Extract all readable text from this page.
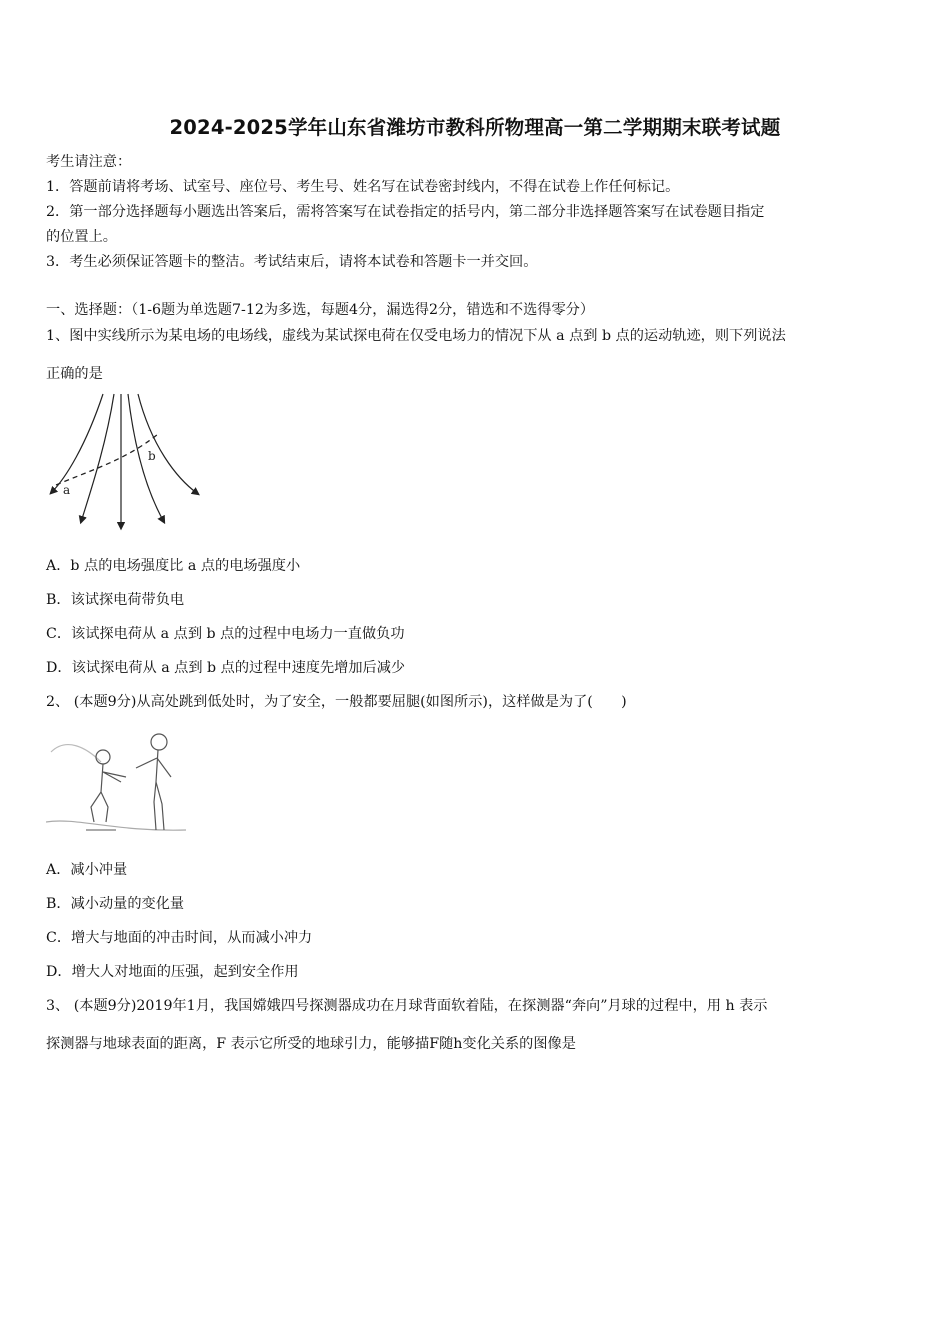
2024-2025学年山东省潍坊市教科所物理高一第二学期期末联考试题
考生请注意：
1．答题前请将考场、试室号、座位号、考生号、姓名写在试卷密封线内，不得在试卷上作任何标记。
2．第一部分选择题每小题选出答案后，需将答案写在试卷指定的括号内，第二部分非选择题答案写在试卷题目指定
的位置上。
3．考生必须保证答题卡的整洁。考试结束后，请将本试卷和答题卡一并交回。
一、选择题：（1-6题为单选题7-12为多选，每题4分，漏选得2分，错选和不选得零分）
1、图中实线所示为某电场的电场线，虚线为某试探电荷在仅受电场力的情况下从 a 点到 b 点的运动轨迹，则下列说法
正确的是
a
b
A．b 点的电场强度比 a 点的电场强度小
B．该试探电荷带负电
C．该试探电荷从 a 点到 b 点的过程中电场力一直做负功
D．该试探电荷从 a 点到 b 点的过程中速度先增加后减少
2、 (本题9分)从高处跳到低处时，为了安全，一般都要屈腿(如图所示)，这样做是为了(　　)
A．减小冲量
B．减小动量的变化量
C．增大与地面的冲击时间，从而减小冲力
D．增大人对地面的压强，起到安全作用
3、 (本题9分)2019年1月，我国嫦娥四号探测器成功在月球背面软着陆，在探测器“奔向”月球的过程中，用 h 表示
探测器与地球表面的距离，F 表示它所受的地球引力，能够描F随h变化关系的图像是
